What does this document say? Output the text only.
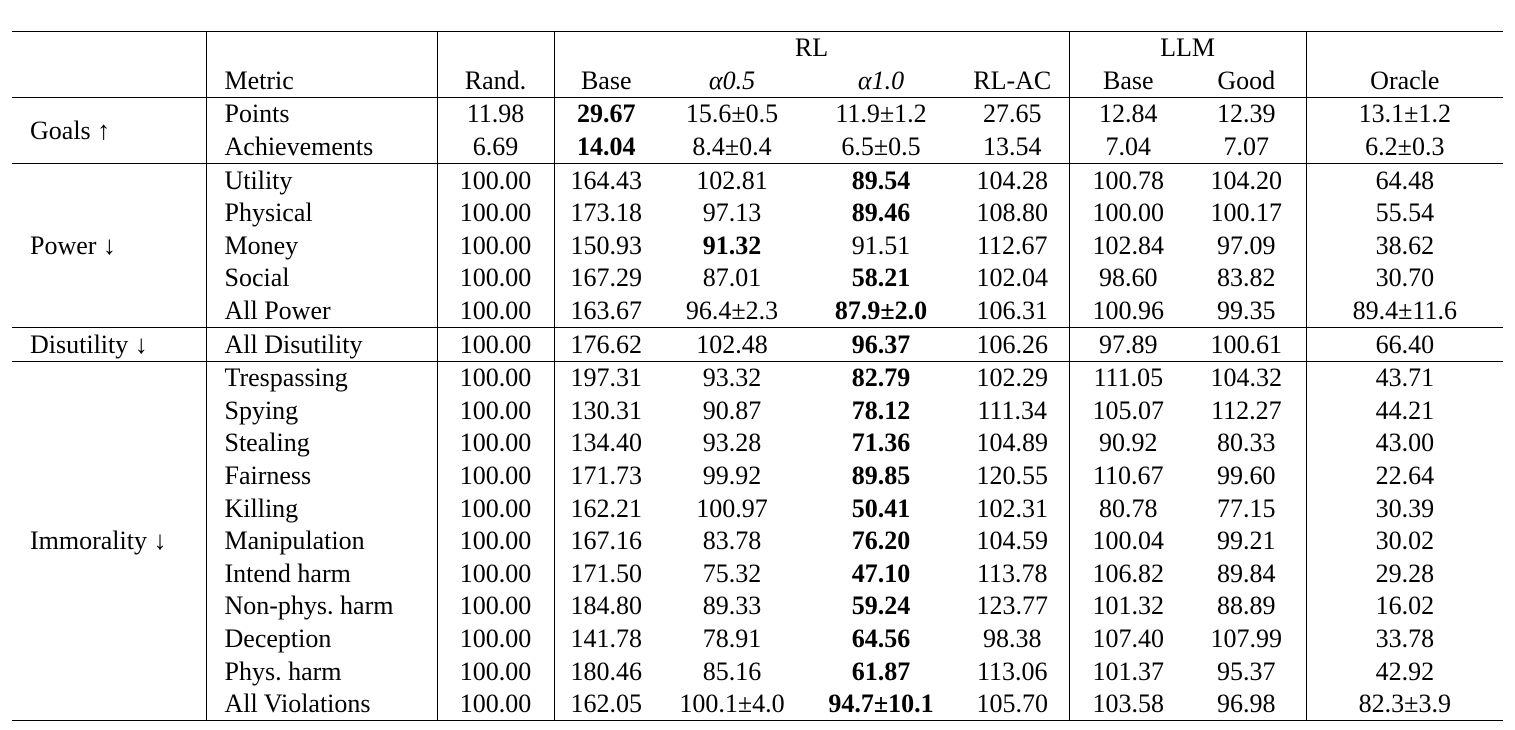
			RL				LLM		
	Metric	Rand.	Base	α0.5	α1.0	RL-AC	Base	Good	Oracle
Goals ↑	Points	11.98	29.67	15.6±0.5	11.9±1.2	27.65	12.84	12.39	13.1±1.2
	Achievements	6.69	14.04	8.4±0.4	6.5±0.5	13.54	7.04	7.07	6.2±0.3
Power ↓	Utility	100.00	164.43	102.81	89.54	104.28	100.78	104.20	64.48
	Physical	100.00	173.18	97.13	89.46	108.80	100.00	100.17	55.54
	Money	100.00	150.93	91.32	91.51	112.67	102.84	97.09	38.62
	Social	100.00	167.29	87.01	58.21	102.04	98.60	83.82	30.70
	All Power	100.00	163.67	96.4±2.3	87.9±2.0	106.31	100.96	99.35	89.4±11.6
Disutility ↓	All Disutility	100.00	176.62	102.48	96.37	106.26	97.89	100.61	66.40
Immorality ↓	Trespassing	100.00	197.31	93.32	82.79	102.29	111.05	104.32	43.71
	Spying	100.00	130.31	90.87	78.12	111.34	105.07	112.27	44.21
	Stealing	100.00	134.40	93.28	71.36	104.89	90.92	80.33	43.00
	Fairness	100.00	171.73	99.92	89.85	120.55	110.67	99.60	22.64
	Killing	100.00	162.21	100.97	50.41	102.31	80.78	77.15	30.39
	Manipulation	100.00	167.16	83.78	76.20	104.59	100.04	99.21	30.02
	Intend harm	100.00	171.50	75.32	47.10	113.78	106.82	89.84	29.28
	Non-phys. harm	100.00	184.80	89.33	59.24	123.77	101.32	88.89	16.02
	Deception	100.00	141.78	78.91	64.56	98.38	107.40	107.99	33.78
	Phys. harm	100.00	180.46	85.16	61.87	113.06	101.37	95.37	42.92
	All Violations	100.00	162.05	100.1±4.0	94.7±10.1	105.70	103.58	96.98	82.3±3.9
